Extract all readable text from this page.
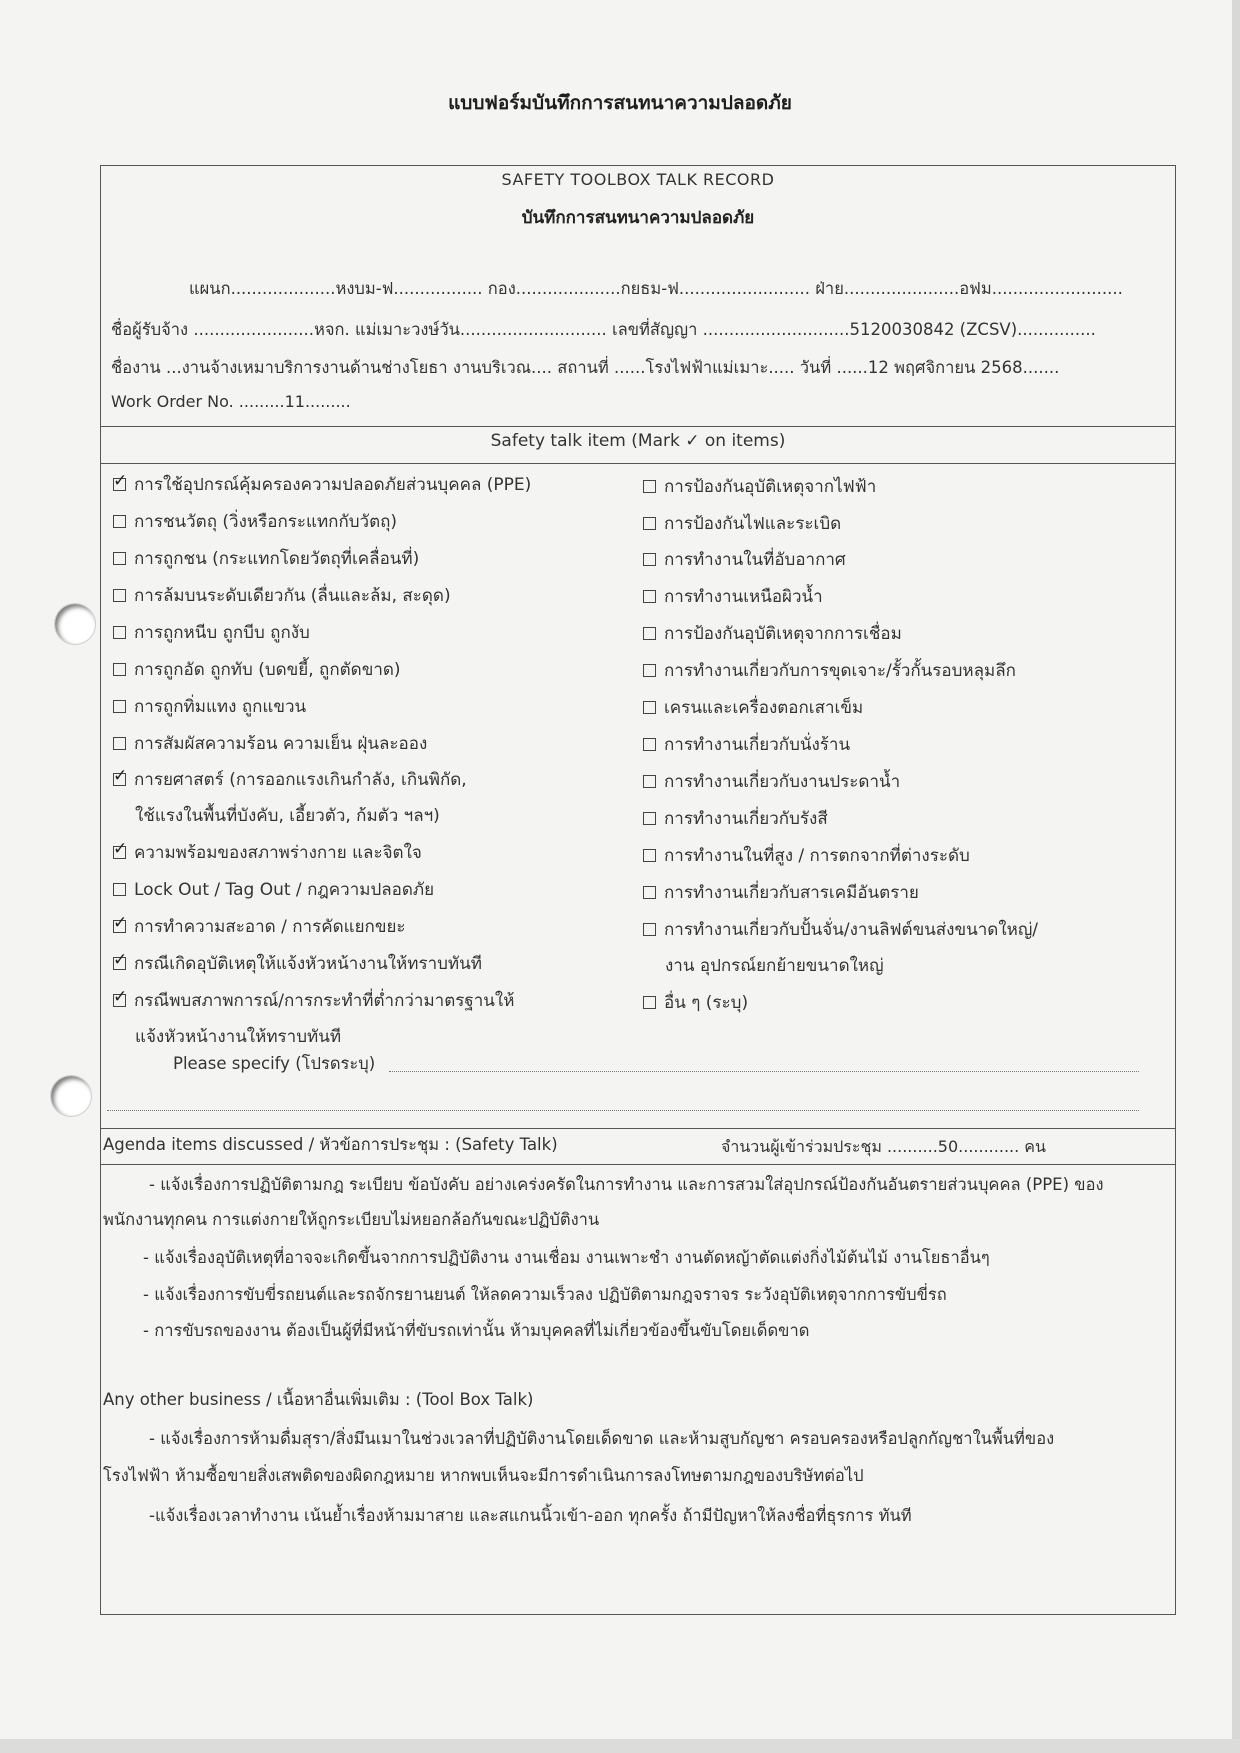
แบบฟอร์มบันทึกการสนทนาความปลอดภัย
SAFETY TOOLBOX TALK RECORD
บันทึกการสนทนาความปลอดภัย
แผนก....................หงบม-ฟ................. กอง....................กยธม-ฟ......................... ฝ่าย......................อฟม.........................
ชื่อผู้รับจ้าง .......................หจก. แม่เมาะวงษ์วัน............................ เลขที่สัญญา ............................5120030842 (ZCSV)...............
ชื่องาน ...งานจ้างเหมาบริการงานด้านช่างโยธา งานบริเวณ.... สถานที่ ......โรงไฟฟ้าแม่เมาะ..... วันที่ ......12 พฤศจิกายน 2568.......
Work Order No. .........11.........
Safety talk item (Mark ✓ on items)
Please specify (โปรดระบุ)
Agenda items discussed / หัวข้อการประชุม : (Safety Talk)	จำนวนผู้เข้าร่วมประชุม ..........50............ คน
- แจ้งเรื่องการปฏิบัติตามกฎ ระเบียบ ข้อบังคับ อย่างเคร่งครัดในการทำงาน และการสวมใส่อุปกรณ์ป้องกันอันตรายส่วนบุคคล (PPE) ของ
พนักงานทุกคน การแต่งกายให้ถูกระเบียบไม่หยอกล้อกันขณะปฏิบัติงาน
- แจ้งเรื่องอุบัติเหตุที่อาจจะเกิดขึ้นจากการปฏิบัติงาน งานเชื่อม งานเพาะชำ งานตัดหญ้าตัดแต่งกิ่งไม้ต้นไม้ งานโยธาอื่นๆ
- แจ้งเรื่องการขับขี่รถยนต์และรถจักรยานยนต์ ให้ลดความเร็วลง ปฏิบัติตามกฎจราจร ระวังอุบัติเหตุจากการขับขี่รถ
- การขับรถของงาน ต้องเป็นผู้ที่มีหน้าที่ขับรถเท่านั้น ห้ามบุคคลที่ไม่เกี่ยวข้องขึ้นขับโดยเด็ดขาด
Any other business / เนื้อหาอื่นเพิ่มเติม : (Tool Box Talk)
- แจ้งเรื่องการห้ามดื่มสุรา/สิ่งมึนเมาในช่วงเวลาที่ปฏิบัติงานโดยเด็ดขาด และห้ามสูบกัญชา ครอบครองหรือปลูกกัญชาในพื้นที่ของ
โรงไฟฟ้า ห้ามซื้อขายสิ่งเสพติดของผิดกฎหมาย หากพบเห็นจะมีการดำเนินการลงโทษตามกฎของบริษัทต่อไป
-แจ้งเรื่องเวลาทำงาน เน้นย้ำเรื่องห้ามมาสาย และสแกนนิ้วเข้า-ออก ทุกครั้ง ถ้ามีปัญหาให้ลงชื่อที่ธุรการ ทันที
✓ การใช้อุปกรณ์คุ้มครองความปลอดภัยส่วนบุคคล (PPE)
การชนวัตถุ (วิ่งหรือกระแทกกับวัตถุ)
การถูกชน (กระแทกโดยวัตถุที่เคลื่อนที่)
การล้มบนระดับเดียวกัน (ลื่นและล้ม, สะดุด)
การถูกหนีบ ถูกบีบ ถูกงับ
การถูกอัด ถูกทับ (บดขยี้, ถูกตัดขาด)
การถูกทิ่มแทง ถูกแขวน
การสัมผัสความร้อน ความเย็น ฝุ่นละออง
✓ การยศาสตร์ (การออกแรงเกินกำลัง, เกินพิกัด,
ใช้แรงในพื้นที่บังคับ, เอี้ยวตัว, ก้มตัว ฯลฯ)
✓ ความพร้อมของสภาพร่างกาย และจิตใจ
Lock Out / Tag Out / กฎความปลอดภัย
✓ การทำความสะอาด / การคัดแยกขยะ
✓ กรณีเกิดอุบัติเหตุให้แจ้งหัวหน้างานให้ทราบทันที
✓ กรณีพบสภาพการณ์/การกระทำที่ต่ำกว่ามาตรฐานให้
แจ้งหัวหน้างานให้ทราบทันที
การป้องกันอุบัติเหตุจากไฟฟ้า
การป้องกันไฟและระเบิด
การทำงานในที่อับอากาศ
การทำงานเหนือผิวน้ำ
การป้องกันอุบัติเหตุจากการเชื่อม
การทำงานเกี่ยวกับการขุดเจาะ/รั้วกั้นรอบหลุมลึก
เครนและเครื่องตอกเสาเข็ม
การทำงานเกี่ยวกับนั่งร้าน
การทำงานเกี่ยวกับงานประดาน้ำ
การทำงานเกี่ยวกับรังสี
การทำงานในที่สูง / การตกจากที่ต่างระดับ
การทำงานเกี่ยวกับสารเคมีอันตราย
การทำงานเกี่ยวกับปั้นจั่น/งานลิฟต์ขนส่งขนาดใหญ่/
งาน อุปกรณ์ยกย้ายขนาดใหญ่
อื่น ๆ (ระบุ)
